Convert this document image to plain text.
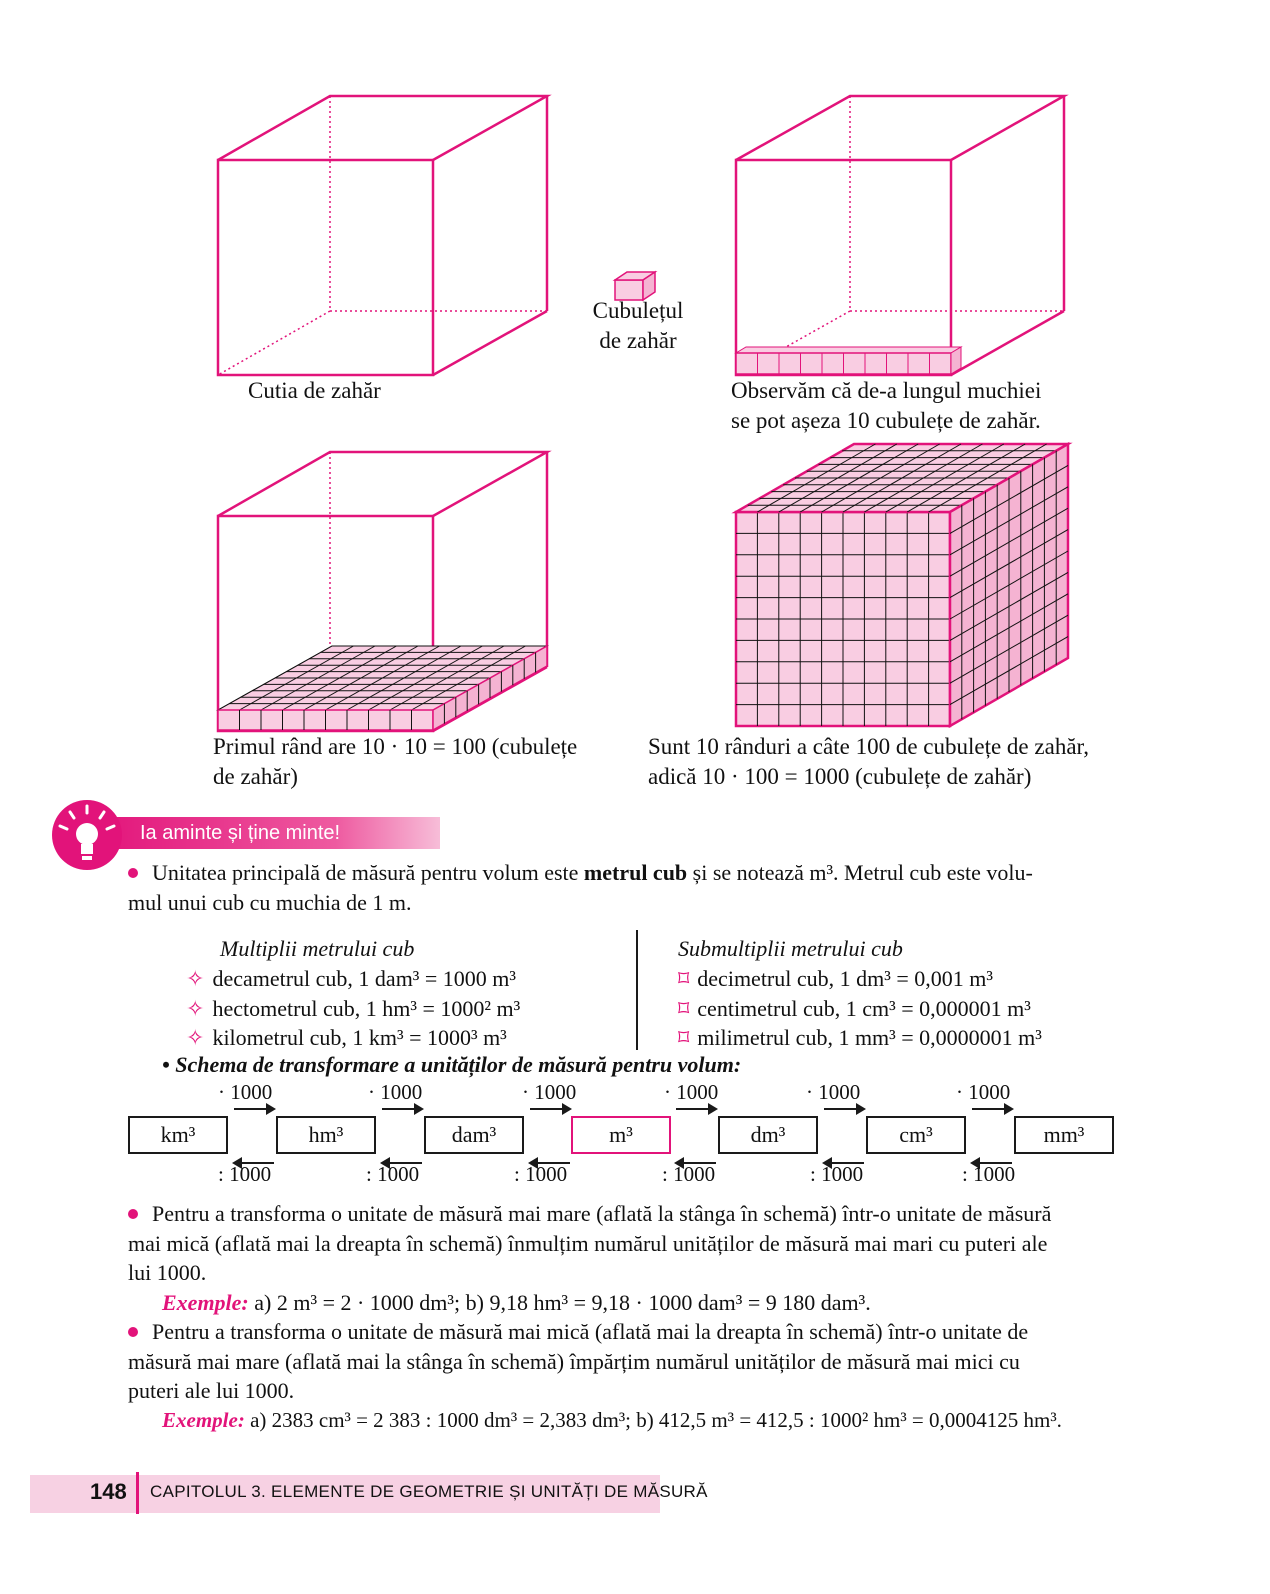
Cutia de zahăr
Cubulețul
de zahăr
Observăm că de-a lungul muchiei
se pot așeza 10 cubulețe de zahăr.
Primul rând are 10 · 10 = 100 (cubulețe
de zahăr)
Sunt 10 rânduri a câte 100 de cubulețe de zahăr,
adică 10 · 100 = 1000 (cubulețe de zahăr)
Ia aminte și ține minte!
Unitatea principală de măsură pentru volum este metrul cub și se notează m³. Metrul cub este volu-
mul unui cub cu muchia de 1 m.
Multiplii metrului cub
✧ decametrul cub, 1 dam³ = 1000 m³
✧ hectometrul cub, 1 hm³ = 1000² m³
✧ kilometrul cub, 1 km³ = 1000³ m³
Submultiplii metrului cub
⌑ decimetrul cub, 1 dm³ = 0,001 m³
⌑ centimetrul cub, 1 cm³ = 0,000001 m³
⌑ milimetrul cub, 1 mm³ = 0,0000001 m³
• Schema de transformare a unităților de măsură pentru volum:
km³	hm³	dam³	m³	dm³	cm³	mm³
· 1000	· 1000	· 1000	· 1000	· 1000	· 1000
: 1000	: 1000	: 1000	: 1000	: 1000	: 1000
Pentru a transforma o unitate de măsură mai mare (aflată la stânga în schemă) într-o unitate de măsură
mai mică (aflată mai la dreapta în schemă) înmulțim numărul unităților de măsură mai mari cu puteri ale
lui 1000.
Exemple: a) 2 m³ = 2 · 1000 dm³; b) 9,18 hm³ = 9,18 · 1000 dam³ = 9 180 dam³.
Pentru a transforma o unitate de măsură mai mică (aflată mai la dreapta în schemă) într-o unitate de
măsură mai mare (aflată mai la stânga în schemă) împărțim numărul unităților de măsură mai mici cu
puteri ale lui 1000.
Exemple: a) 2383 cm³ = 2 383 : 1000 dm³ = 2,383 dm³; b) 412,5 m³ = 412,5 : 1000² hm³ = 0,0004125 hm³.
148 CAPITOLUL 3. ELEMENTE DE GEOMETRIE ȘI UNITĂȚI DE MĂSURĂ
